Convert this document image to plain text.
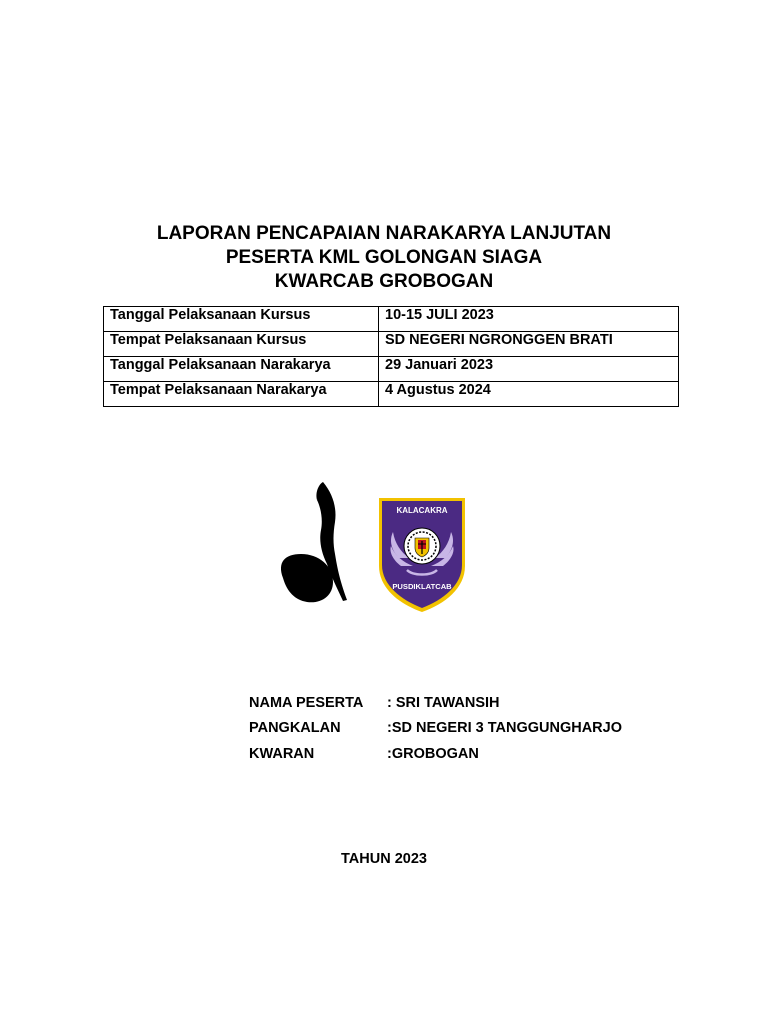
LAPORAN PENCAPAIAN NARAKARYA LANJUTAN
PESERTA KML GOLONGAN SIAGA
KWARCAB GROBOGAN
Tanggal Pelaksanaan Kursus	10-15 JULI 2023
Tempat Pelaksanaan Kursus	SD NEGERI NGRONGGEN BRATI
Tanggal Pelaksanaan Narakarya	29 Januari 2023
Tempat Pelaksanaan Narakarya	4 Agustus 2024
KALACAKRA
PUSDIKLATCAB
NAMA PESERTA	: SRI TAWANSIH
PANGKALAN	:SD NEGERI 3 TANGGUNGHARJO
KWARAN	:GROBOGAN
TAHUN 2023
